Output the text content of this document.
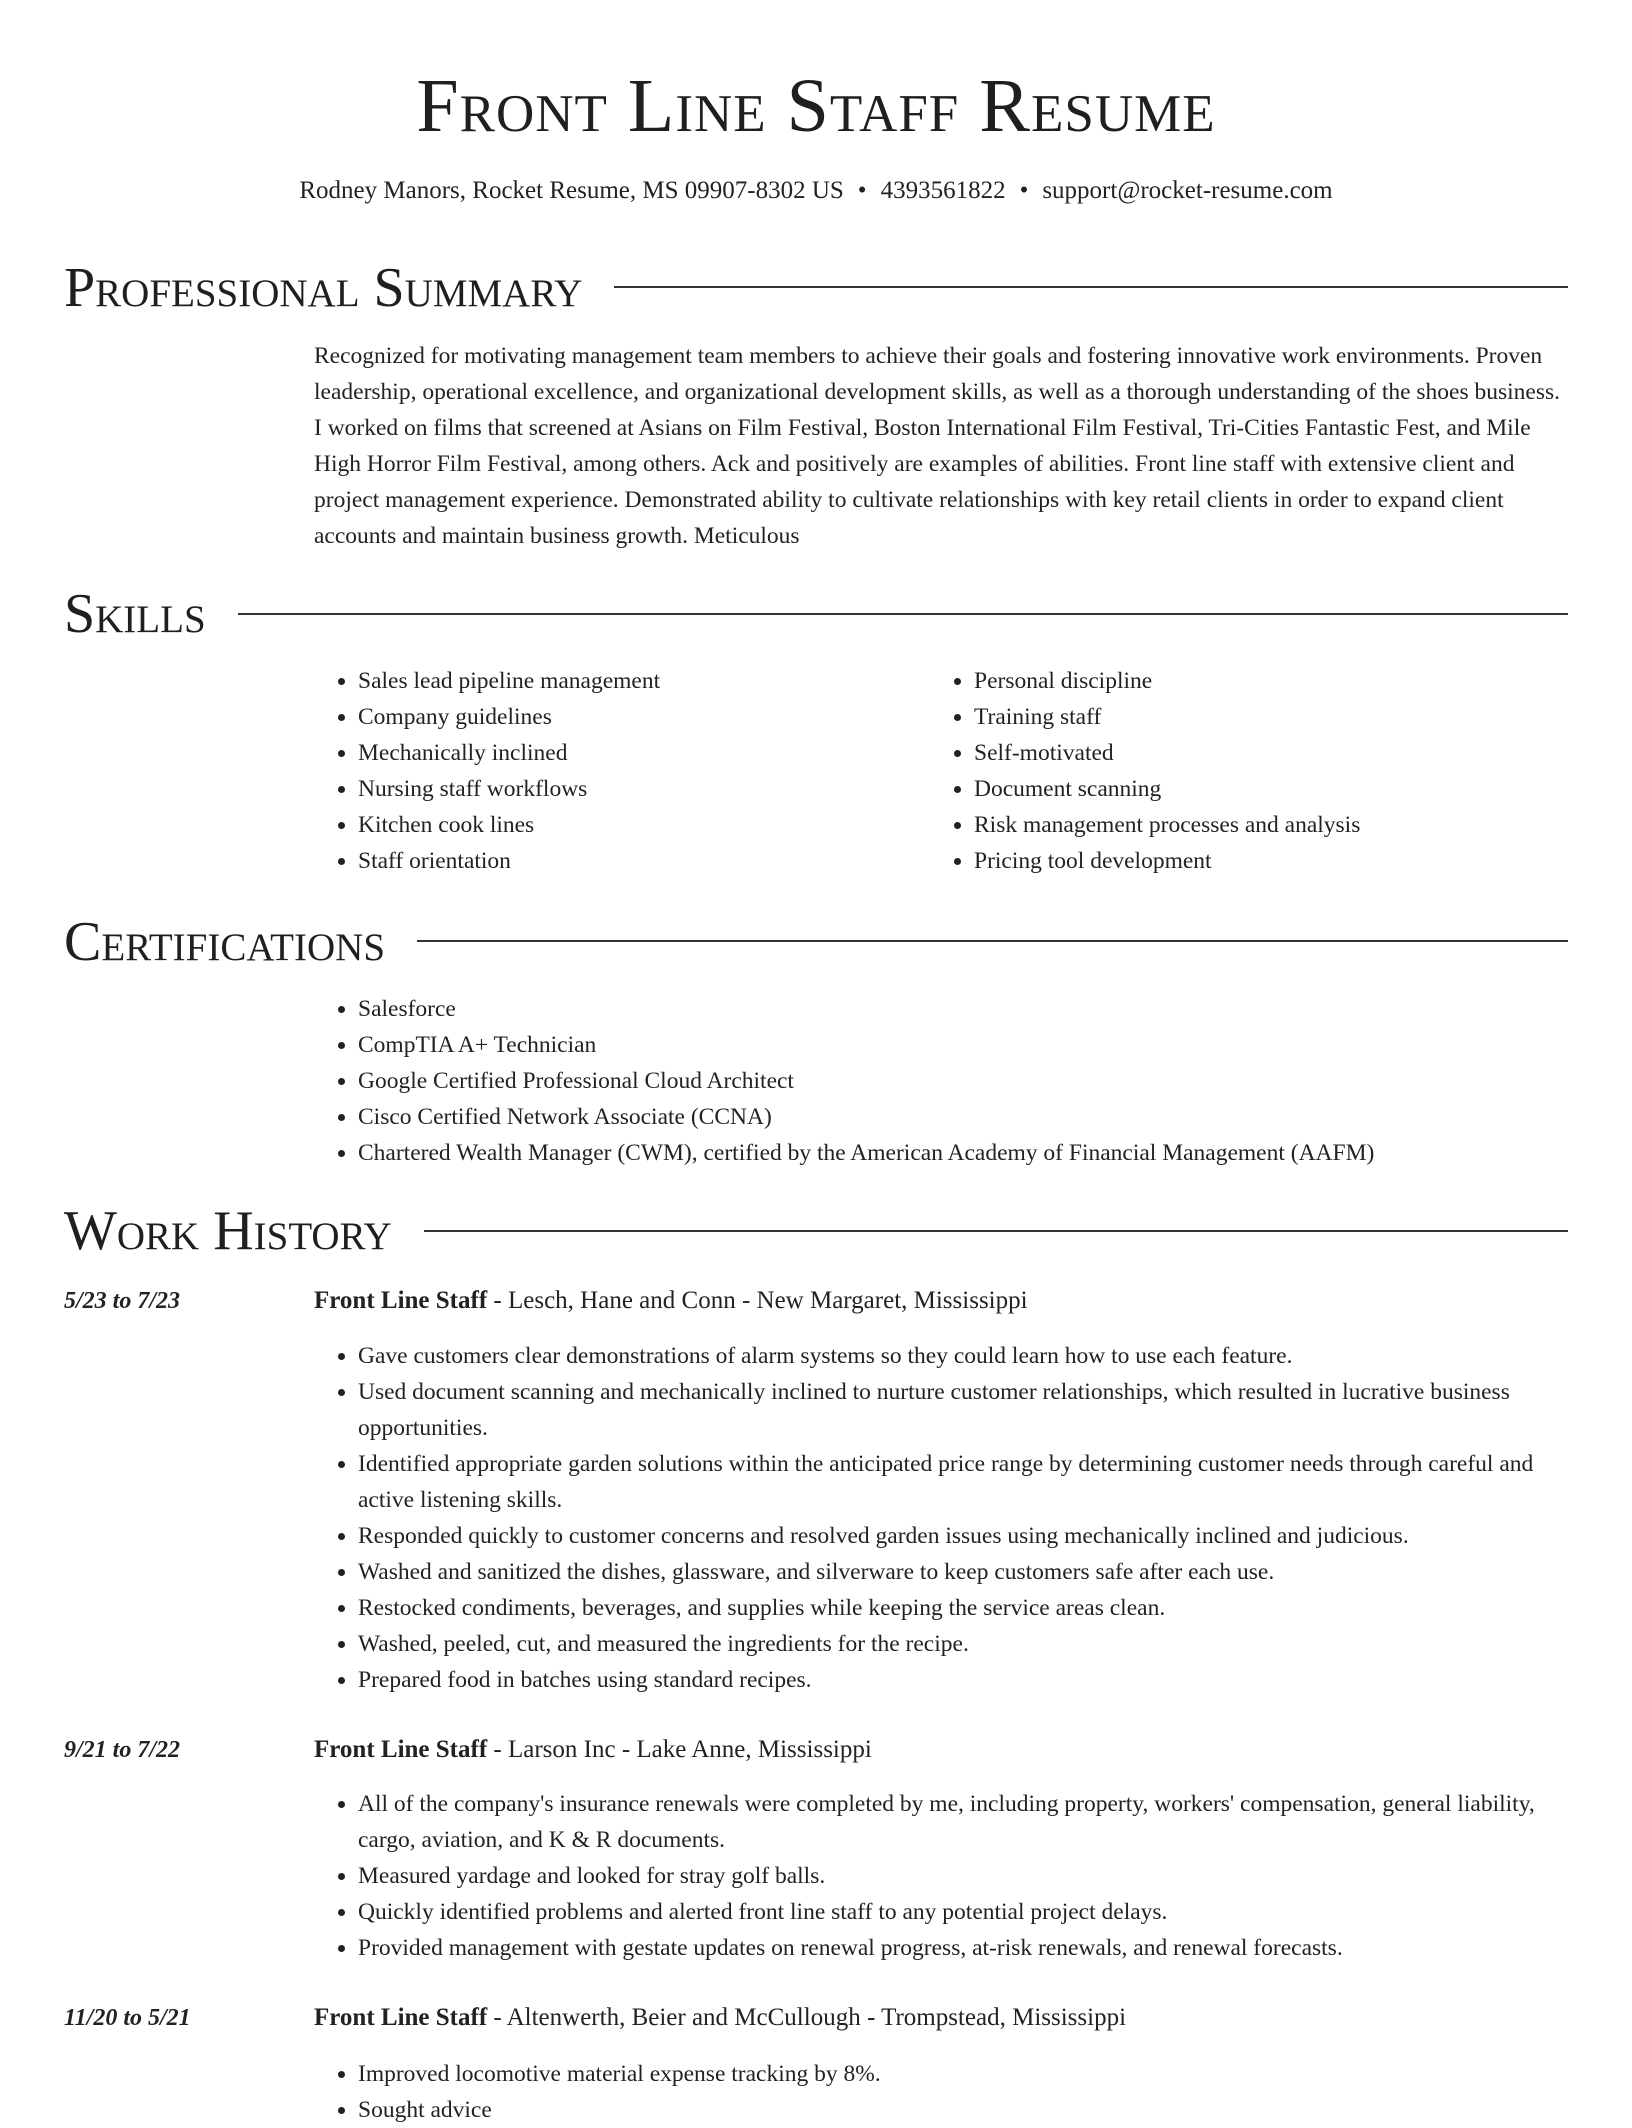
Front Line Staff Resume
Rodney Manors, Rocket Resume, MS 09907-8302 US • 4393561822 • support@rocket-resume.com
Professional Summary

Recognized for motivating management team members to achieve their goals and fostering innovative work environments. Proven leadership, operational excellence, and organizational development skills, as well as a thorough understanding of the shoes business. I worked on films that screened at Asians on Film Festival, Boston International Film Festival, Tri-Cities Fantastic Fest, and Mile High Horror Film Festival, among others. Ack and positively are examples of abilities. Front line staff with extensive client and project management experience. Demonstrated ability to cultivate relationships with key retail clients in order to expand client accounts and maintain business growth. Meticulous

Skills
• Sales lead pipeline management
• Company guidelines
• Mechanically inclined
• Nursing staff workflows
• Kitchen cook lines
• Staff orientation
• Personal discipline
• Training staff
• Self-motivated
• Document scanning
• Risk management processes and analysis
• Pricing tool development
Certifications
• Salesforce
• CompTIA A+ Technician
• Google Certified Professional Cloud Architect
• Cisco Certified Network Associate (CCNA)
• Chartered Wealth Manager (CWM), certified by the American Academy of Financial Management (AAFM)
Work History
5/23 to 7/23	Front Line Staff - Lesch, Hane and Conn - New Margaret, Mississippi
• Gave customers clear demonstrations of alarm systems so they could learn how to use each feature.
• Used document scanning and mechanically inclined to nurture customer relationships, which resulted in lucrative business opportunities.
• Identified appropriate garden solutions within the anticipated price range by determining customer needs through careful and active listening skills.
• Responded quickly to customer concerns and resolved garden issues using mechanically inclined and judicious.
• Washed and sanitized the dishes, glassware, and silverware to keep customers safe after each use.
• Restocked condiments, beverages, and supplies while keeping the service areas clean.
• Washed, peeled, cut, and measured the ingredients for the recipe.
• Prepared food in batches using standard recipes.
9/21 to 7/22	Front Line Staff - Larson Inc - Lake Anne, Mississippi
• All of the company's insurance renewals were completed by me, including property, workers' compensation, general liability, cargo, aviation, and K & R documents.
• Measured yardage and looked for stray golf balls.
• Quickly identified problems and alerted front line staff to any potential project delays.
• Provided management with gestate updates on renewal progress, at-risk renewals, and renewal forecasts.
11/20 to 5/21	Front Line Staff - Altenwerth, Beier and McCullough - Trompstead, Mississippi
• Improved locomotive material expense tracking by 8%.
• Sought advice
